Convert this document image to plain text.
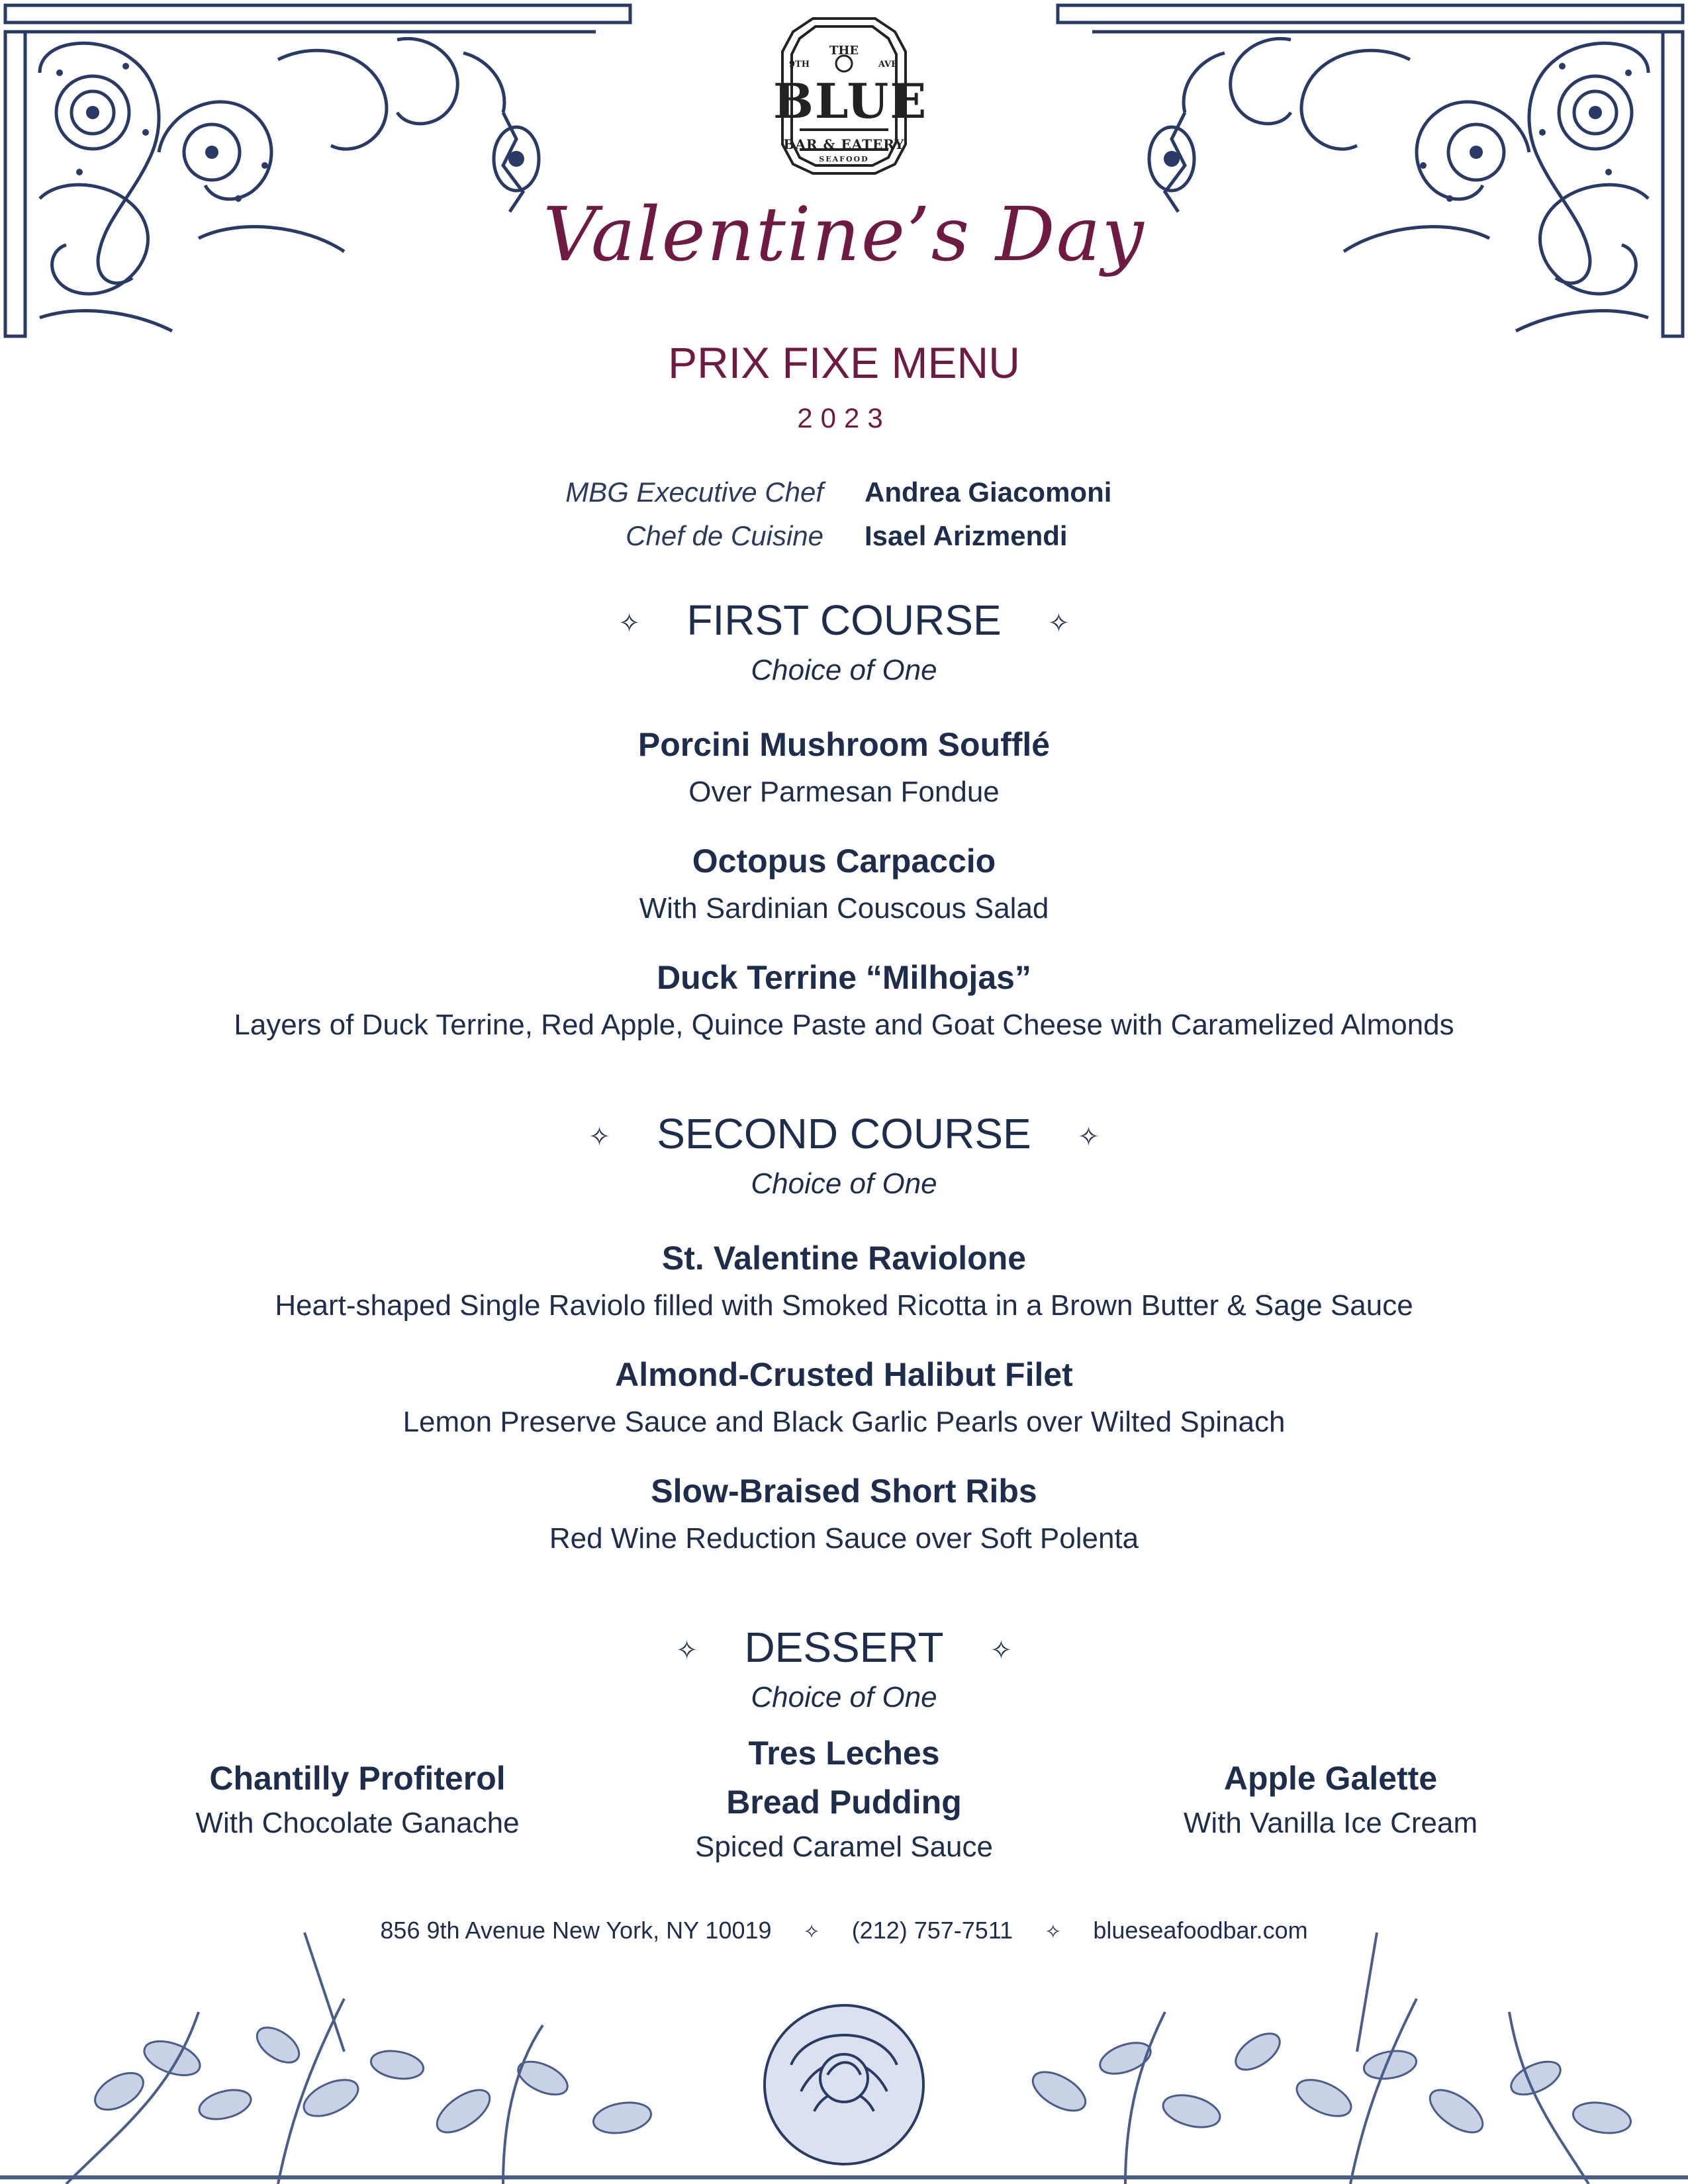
THE
9TH	AVE
BLUE
BAR & EATERY
SEAFOOD
Valentine’s Day
PRIX FIXE MENU
2023
MBG Executive Chef Andrea Giacomoni
Chef de Cuisine Isael Arizmendi
✧ FIRST COURSE ✧
Choice of One
Porcini Mushroom Soufflé
Over Parmesan Fondue
Octopus Carpaccio
With Sardinian Couscous Salad
Duck Terrine “Milhojas”
Layers of Duck Terrine, Red Apple, Quince Paste and Goat Cheese with Caramelized Almonds
✧ SECOND COURSE ✧
Choice of One
St. Valentine Raviolone
Heart-shaped Single Raviolo filled with Smoked Ricotta in a Brown Butter & Sage Sauce
Almond-Crusted Halibut Filet
Lemon Preserve Sauce and Black Garlic Pearls over Wilted Spinach
Slow-Braised Short Ribs
Red Wine Reduction Sauce over Soft Polenta
✧ DESSERT ✧
Choice of One
Chantilly Profiterol
With Chocolate Ganache
Tres Leches
Bread Pudding
Spiced Caramel Sauce
Apple Galette
With Vanilla Ice Cream
856 9th Avenue New York, NY 10019 ✧ (212) 757-7511 ✧ blueseafoodbar.com
